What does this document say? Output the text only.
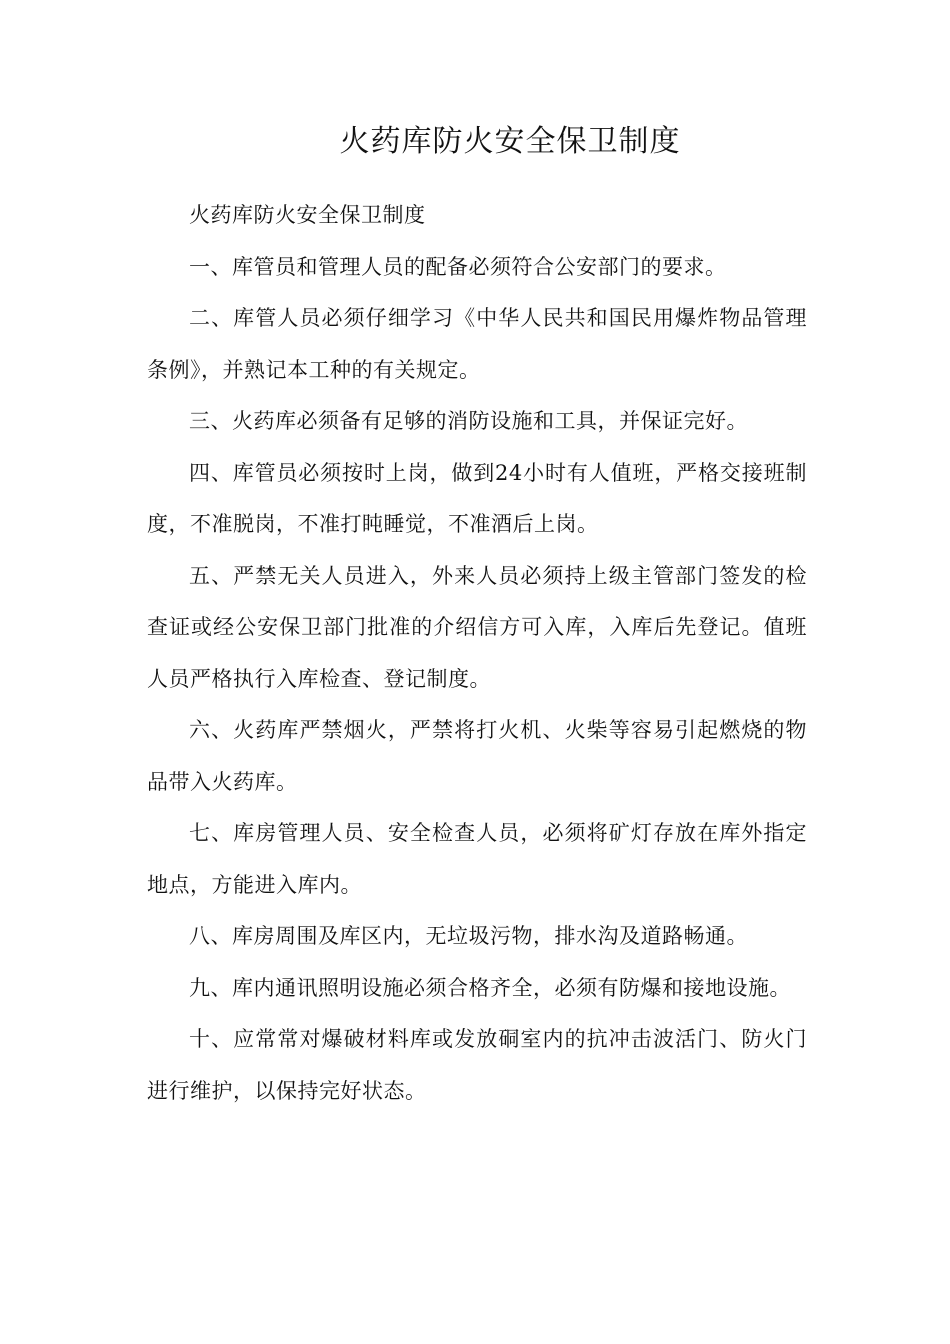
火药库防火安全保卫制度

火药库防火安全保卫制度

一、库管员和管理人员的配备必须符合公安部门的要求。

二、库管人员必须仔细学习《中华人民共和国民用爆炸物品管理条例》，并熟记本工种的有关规定。

三、火药库必须备有足够的消防设施和工具，并保证完好。

四、库管员必须按时上岗，做到24小时有人值班，严格交接班制度，不准脱岗，不准打盹睡觉，不准酒后上岗。

五、严禁无关人员进入，外来人员必须持上级主管部门签发的检查证或经公安保卫部门批准的介绍信方可入库，入库后先登记。值班人员严格执行入库检查、登记制度。

六、火药库严禁烟火，严禁将打火机、火柴等容易引起燃烧的物品带入火药库。

七、库房管理人员、安全检查人员，必须将矿灯存放在库外指定地点，方能进入库内。

八、库房周围及库区内，无垃圾污物，排水沟及道路畅通。

九、库内通讯照明设施必须合格齐全，必须有防爆和接地设施。

十、应常常对爆破材料库或发放硐室内的抗冲击波活门、防火门进行维护，以保持完好状态。
